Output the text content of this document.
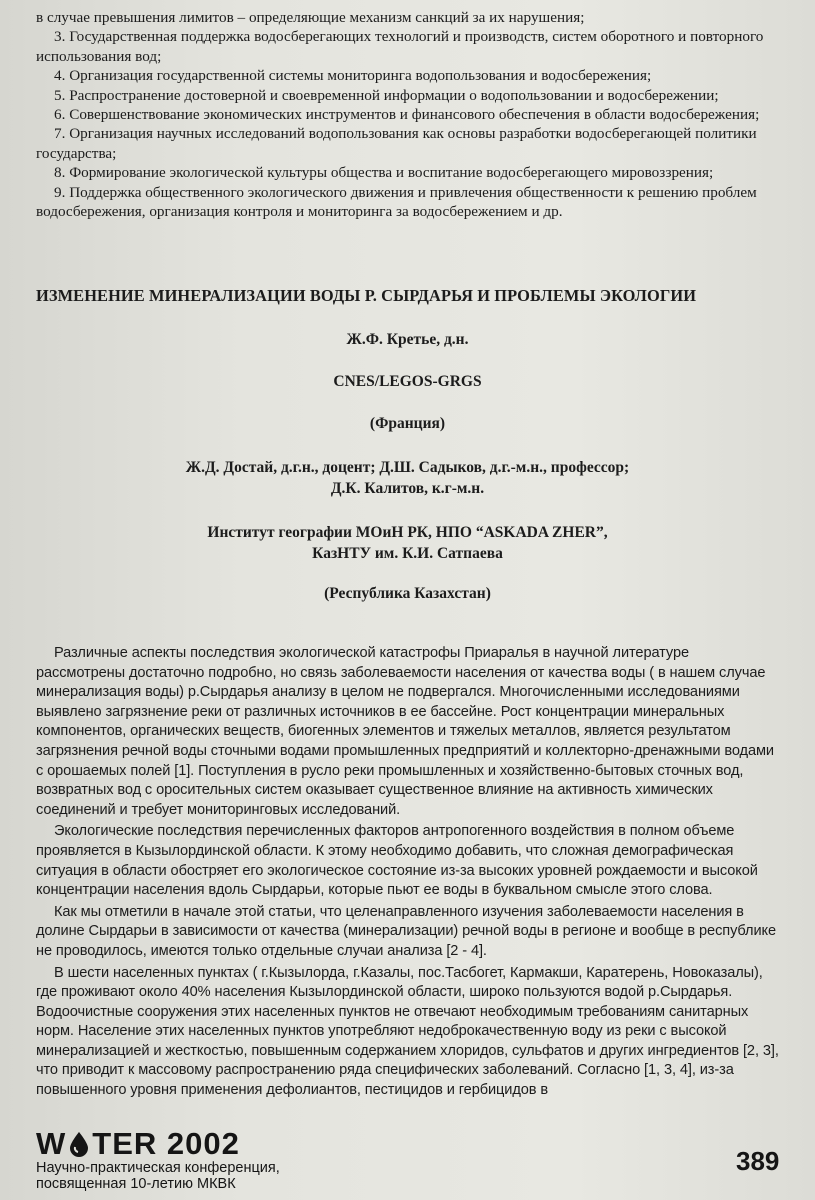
в случае превышения лимитов – определяющие механизм санкций за их нарушения;

3. Государственная поддержка водосберегающих технологий и производств, систем оборотного и повторного использования вод;

4. Организация государственной системы мониторинга водопользования и водосбережения;

5. Распространение достоверной и своевременной информации о водопользовании и водосбережении;

6. Совершенствование экономических инструментов и финансового обеспечения в области водосбережения;

7. Организация научных исследований водопользования как основы разработки водосберегающей политики государства;

8. Формирование экологической культуры общества и воспитание водосберегающего мировоззрения;

9. Поддержка общественного экологического движения и привлечения общественности к решению проблем водосбережения, организация контроля и мониторинга за водосбережением и др.

ИЗМЕНЕНИЕ МИНЕРАЛИЗАЦИИ ВОДЫ Р. СЫРДАРЬЯ И ПРОБЛЕМЫ ЭКОЛОГИИ
Ж.Ф. Кретье, д.н.
CNES/LEGOS-GRGS
(Франция)
Ж.Д. Достай, д.г.н., доцент; Д.Ш. Садыков, д.г.-м.н., профессор;
Д.К. Калитов, к.г-м.н.
Институт географии МОиН РК, НПО “ASKADA ZHER”,
КазНТУ им. К.И. Сатпаева
(Республика Казахстан)

Различные аспекты последствия экологической катастрофы Приаралья в научной литературе рассмотрены достаточно подробно, но связь заболеваемости населения от качества воды ( в нашем случае минерализация воды) р.Сырдарья анализу в целом не подвергался. Многочисленными исследованиями выявлено загрязнение реки от различных источников в ее бассейне. Рост концентрации минеральных компонентов, органических веществ, биогенных элементов и тяжелых металлов, является результатом загрязнения речной воды сточными водами промышленных предприятий и коллекторно-дренажными водами с орошаемых полей [1]. Поступления в русло реки промышленных и хозяйственно-бытовых сточных вод, возвратных вод с оросительных систем оказывает существенное влияние на активность химических соединений и требует мониторинговых исследований.

Экологические последствия перечисленных факторов антропогенного воздействия в полном объеме проявляется в Кызылординской области. К этому необходимо добавить, что сложная демографическая ситуация в области обостряет его экологическое состояние из-за высоких уровней рождаемости и высокой концентрации населения вдоль Сырдарьи, которые пьют ее воды в буквальном смысле этого слова.

Как мы отметили в начале этой статьи, что целенаправленного изучения заболеваемости населения в долине Сырдарьи в зависимости от качества (минерализации) речной воды в регионе и вообще в республике не проводилось, имеются только отдельные случаи анализа [2 - 4].

В шести населенных пунктах ( г.Кызылорда, г.Казалы, пос.Тасбогет, Кармакши, Каратерень, Новоказалы), где проживают около 40% населения Кызылординской области, широко пользуются водой р.Сырдарья. Водоочистные сооружения этих населенных пунктов не отвечают необходимым требованиям санитарных норм. Население этих населенных пунктов употребляют недоброкачественную воду из реки с высокой минерализацией и жесткостью, повышенным содержанием хлоридов, сульфатов и других ингредиентов [2, 3], что приводит к массовому распространению ряда специфических заболеваний. Согласно [1, 3, 4], из-за повышенного уровня применения дефолиантов, пестицидов и гербицидов в

W TER 2002
Научно-практическая конференция,
посвященная 10-летию МКВК
389
